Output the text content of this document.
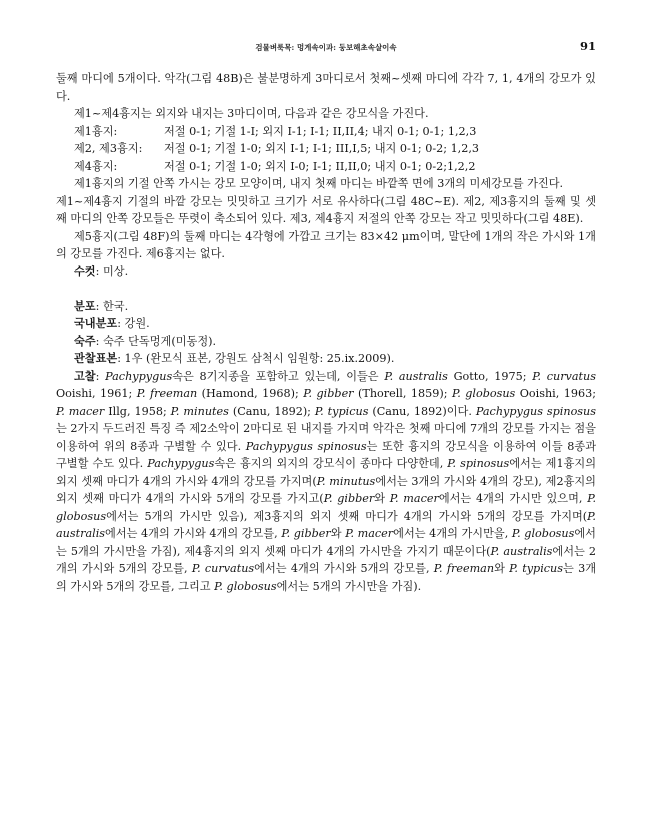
검물벼룩목: 멍게속이과: 둥보해초속살이속	91

둘째 마디에 5개이다. 악각(그림 48B)은 불분명하게 3마디로서 첫째~셋째 마디에 각각 7, 1, 4개의 강모가 있다.

제1~제4흉지는 외지와 내지는 3마디이며, 다음과 같은 강모식을 가진다.

제1흉지:	저절 0-1; 기절 1-I; 외지 I-1; I-1; II,II,4; 내지 0-1; 0-1; 1,2,3
제2, 제3흉지:	저절 0-1; 기절 1-0; 외지 I-1; I-1; III,I,5; 내지 0-1; 0-2; 1,2,3
제4흉지:	저절 0-1; 기절 1-0; 외지 I-0; I-1; II,II,0; 내지 0-1; 0-2;1,2,2

제1흉지의 기절 안쪽 가시는 강모 모양이며, 내지 첫째 마디는 바깥쪽 면에 3개의 미세강모를 가진다.

제1~제4흉지 기절의 바깥 강모는 밋밋하고 크기가 서로 유사하다(그림 48C~E). 제2, 제3흉지의 둘째 및 셋째 마디의 안쪽 강모들은 뚜렷이 축소되어 있다. 제3, 제4흉지 저절의 안쪽 강모는 작고 밋밋하다(그림 48E).

제5흉지(그림 48F)의 둘째 마디는 4각형에 가깝고 크기는 83×42 μm이며, 말단에 1개의 작은 가시와 1개의 강모를 가진다. 제6흉지는 없다.

수컷: 미상.
분포: 한국.
국내분포: 강원.
숙주: 숙주 단독멍게(미동정).
관찰표본: 1우 (완모식 표본, 강원도 삼척시 임원항: 25.ix.2009).

고찰: Pachypygus속은 8기지종을 포함하고 있는데, 이들은 P. australis Gotto, 1975; P. curvatus Ooishi, 1961; P. freeman (Hamond, 1968); P. gibber (Thorell, 1859); P. globosus Ooishi, 1963; P. macer Illg, 1958; P. minutes (Canu, 1892); P. typicus (Canu, 1892)이다. Pachypygus spinosus는 2가지 두드러진 특징 즉 제2소악이 2마디로 된 내지를 가지며 악각은 첫째 마디에 7개의 강모를 가지는 점을 이용하여 위의 8종과 구별할 수 있다. Pachypygus spinosus는 또한 흉지의 강모식을 이용하여 이들 8종과 구별할 수도 있다. Pachypygus속은 흉지의 외지의 강모식이 종마다 다양한데, P. spinosus에서는 제1흉지의 외지 셋째 마디가 4개의 가시와 4개의 강모를 가지며(P. minutus에서는 3개의 가시와 4개의 강모), 제2흉지의 외지 셋째 마디가 4개의 가시와 5개의 강모를 가지고(P. gibber와 P. macer에서는 4개의 가시만 있으며, P. globosus에서는 5개의 가시만 있음), 제3흉지의 외지 셋째 마디가 4개의 가시와 5개의 강모를 가지며(P. australis에서는 4개의 가시와 4개의 강모를, P. gibber와 P. macer에서는 4개의 가시만을, P. globosus에서는 5개의 가시만을 가짐), 제4흉지의 외지 셋째 마디가 4개의 가시만을 가지기 때문이다(P. australis에서는 2개의 가시와 5개의 강모를, P. curvatus에서는 4개의 가시와 5개의 강모를, P. freeman와 P. typicus는 3개의 가시와 5개의 강모를, 그리고 P. globosus에서는 5개의 가시만을 가짐).
